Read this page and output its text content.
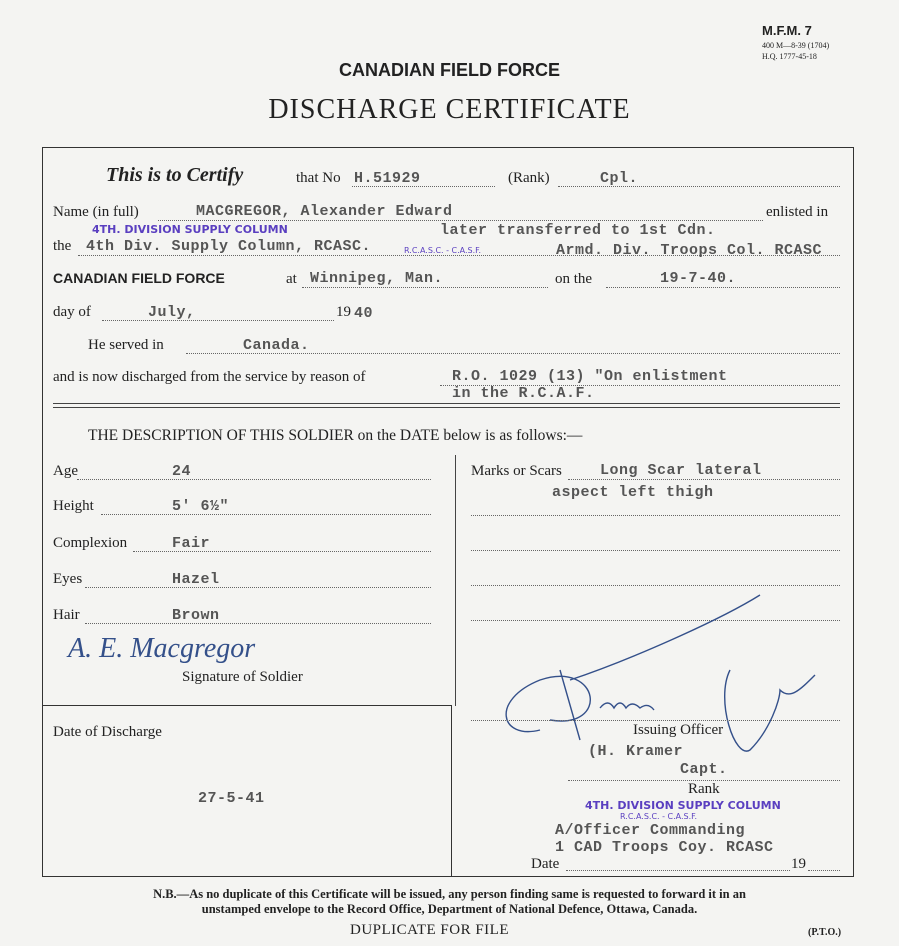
M.F.M. 7
400 M—8-39 (1704)
H.Q. 1777-45-18
CANADIAN FIELD FORCE
DISCHARGE CERTIFICATE
This is to Certify	that No H.51929	(Rank)	Cpl.
Name (in full)	MACGREGOR, Alexander Edward	enlisted in
4TH. DIVISION SUPPLY COLUMN	later transferred to 1st Cdn.
the 4th Div. Supply Column, RCASC.	R.C.A.S.C. - C.A.S.F.	Armd. Div. Troops Col. RCASC
CANADIAN FIELD FORCE	at Winnipeg, Man.	on the	19-7-40.
day of	July,	19 40
He served in	Canada.
and is now discharged from the service by reason of	R.O. 1029 (13) "On enlistment
in the R.C.A.F.
THE DESCRIPTION OF THIS SOLDIER on the DATE below is as follows:—
Age	24
Height	5' 6½"
Complexion	Fair
Eyes	Hazel
Hair	Brown
Marks or Scars	Long Scar lateral
aspect left thigh
A. E. Macgregor
Signature of Soldier
Date of Discharge
27-5-41
Issuing Officer
(H. Kramer
Capt.
Rank
4TH. DIVISION SUPPLY COLUMN
R.C.A.S.C. - C.A.S.F.
A/Officer Commanding
1 CAD Troops Coy. RCASC
Date	19
N.B.—As no duplicate of this Certificate will be issued, any person finding same is requested to forward it in an
unstamped envelope to the Record Office, Department of National Defence, Ottawa, Canada.
DUPLICATE FOR FILE	(P.T.O.)
